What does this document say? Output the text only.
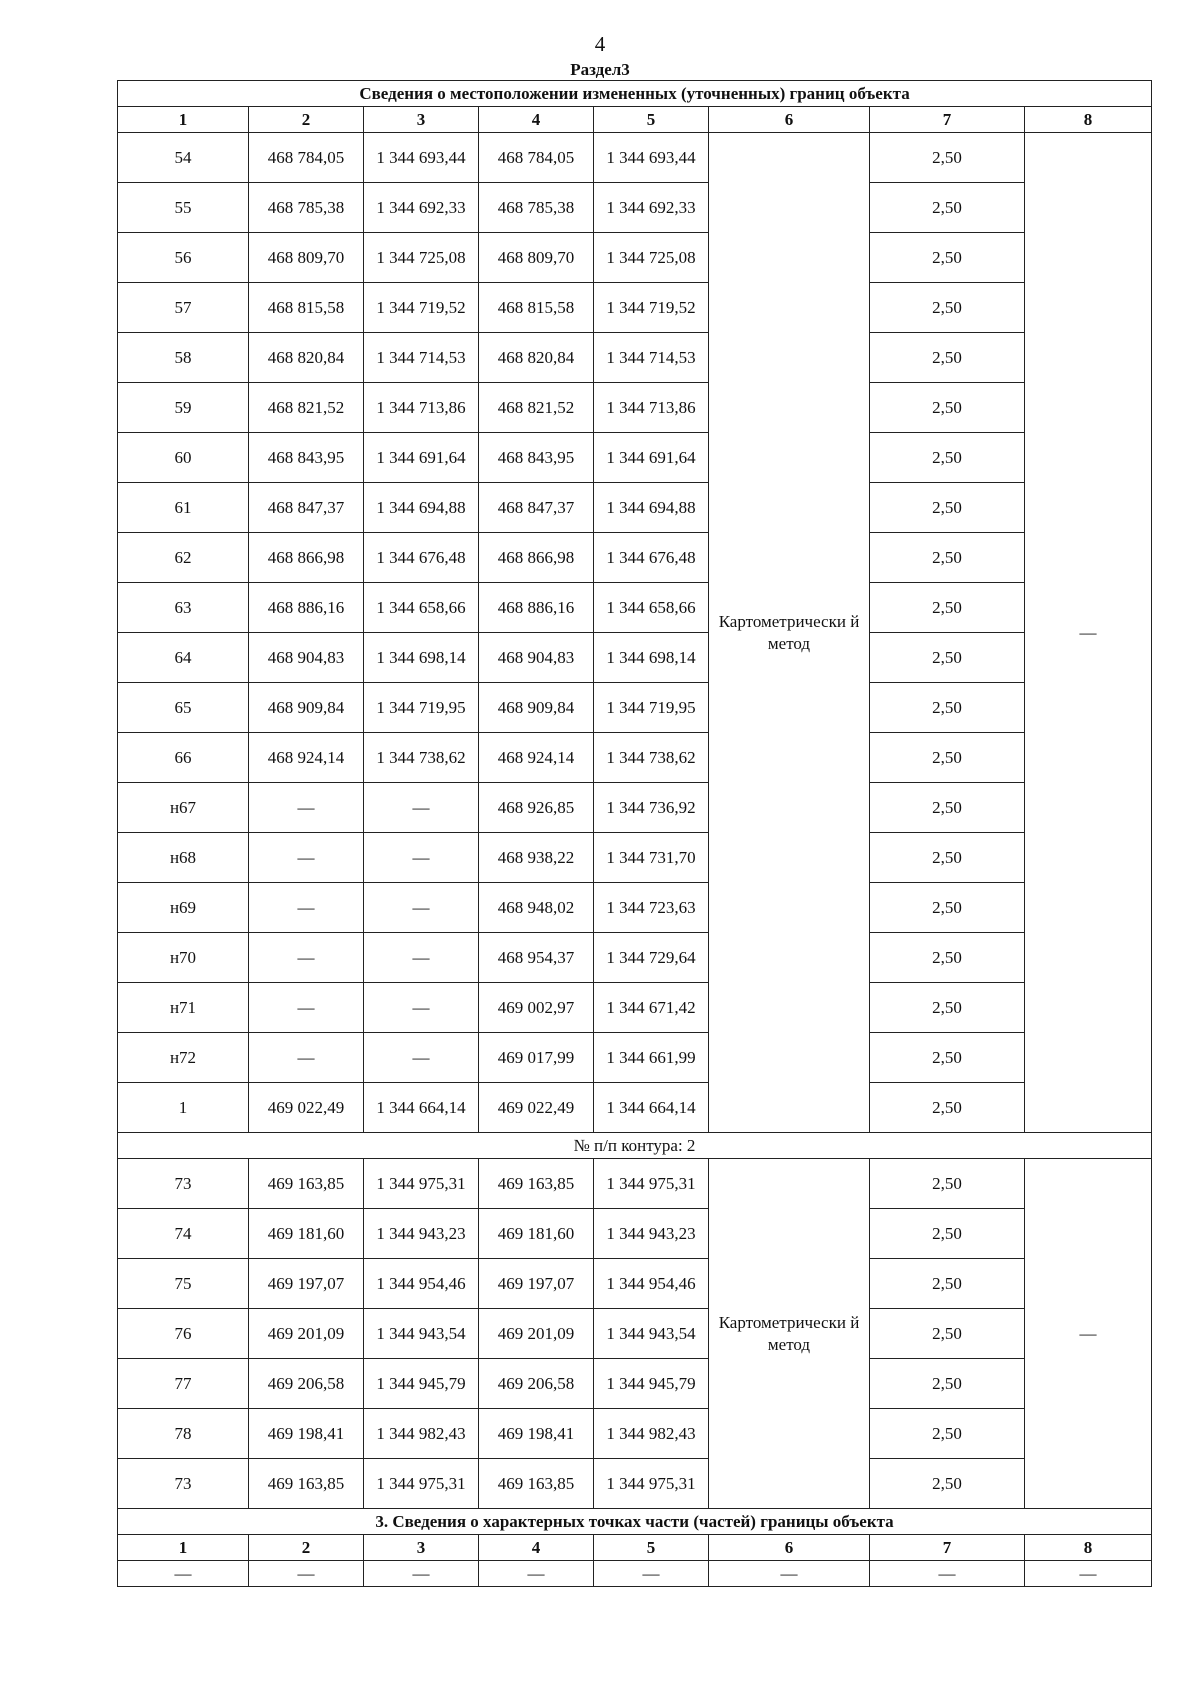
4
Раздел3
Сведения о местоположении измененных (уточненных) границ объекта							
1	2	3	4	5	6	7	8
54	468 784,05	1 344 693,44	468 784,05	1 344 693,44	Картометрически й метод	2,50	—
55	468 785,38	1 344 692,33	468 785,38	1 344 692,33		2,50	
56	468 809,70	1 344 725,08	468 809,70	1 344 725,08		2,50	
57	468 815,58	1 344 719,52	468 815,58	1 344 719,52		2,50	
58	468 820,84	1 344 714,53	468 820,84	1 344 714,53		2,50	
59	468 821,52	1 344 713,86	468 821,52	1 344 713,86		2,50	
60	468 843,95	1 344 691,64	468 843,95	1 344 691,64		2,50	
61	468 847,37	1 344 694,88	468 847,37	1 344 694,88		2,50	
62	468 866,98	1 344 676,48	468 866,98	1 344 676,48		2,50	
63	468 886,16	1 344 658,66	468 886,16	1 344 658,66		2,50	
64	468 904,83	1 344 698,14	468 904,83	1 344 698,14		2,50	
65	468 909,84	1 344 719,95	468 909,84	1 344 719,95		2,50	
66	468 924,14	1 344 738,62	468 924,14	1 344 738,62		2,50	
н67	—	—	468 926,85	1 344 736,92		2,50	
н68	—	—	468 938,22	1 344 731,70		2,50	
н69	—	—	468 948,02	1 344 723,63		2,50	
н70	—	—	468 954,37	1 344 729,64		2,50	
н71	—	—	469 002,97	1 344 671,42		2,50	
н72	—	—	469 017,99	1 344 661,99		2,50	
1	469 022,49	1 344 664,14	469 022,49	1 344 664,14		2,50	
№ п/п контура: 2							
73	469 163,85	1 344 975,31	469 163,85	1 344 975,31	Картометрически й метод	2,50	—
74	469 181,60	1 344 943,23	469 181,60	1 344 943,23		2,50	
75	469 197,07	1 344 954,46	469 197,07	1 344 954,46		2,50	
76	469 201,09	1 344 943,54	469 201,09	1 344 943,54		2,50	
77	469 206,58	1 344 945,79	469 206,58	1 344 945,79		2,50	
78	469 198,41	1 344 982,43	469 198,41	1 344 982,43		2,50	
73	469 163,85	1 344 975,31	469 163,85	1 344 975,31		2,50	
3. Сведения о характерных точках части (частей) границы объекта							
1	2	3	4	5	6	7	8
—	—	—	—	—	—	—	—
